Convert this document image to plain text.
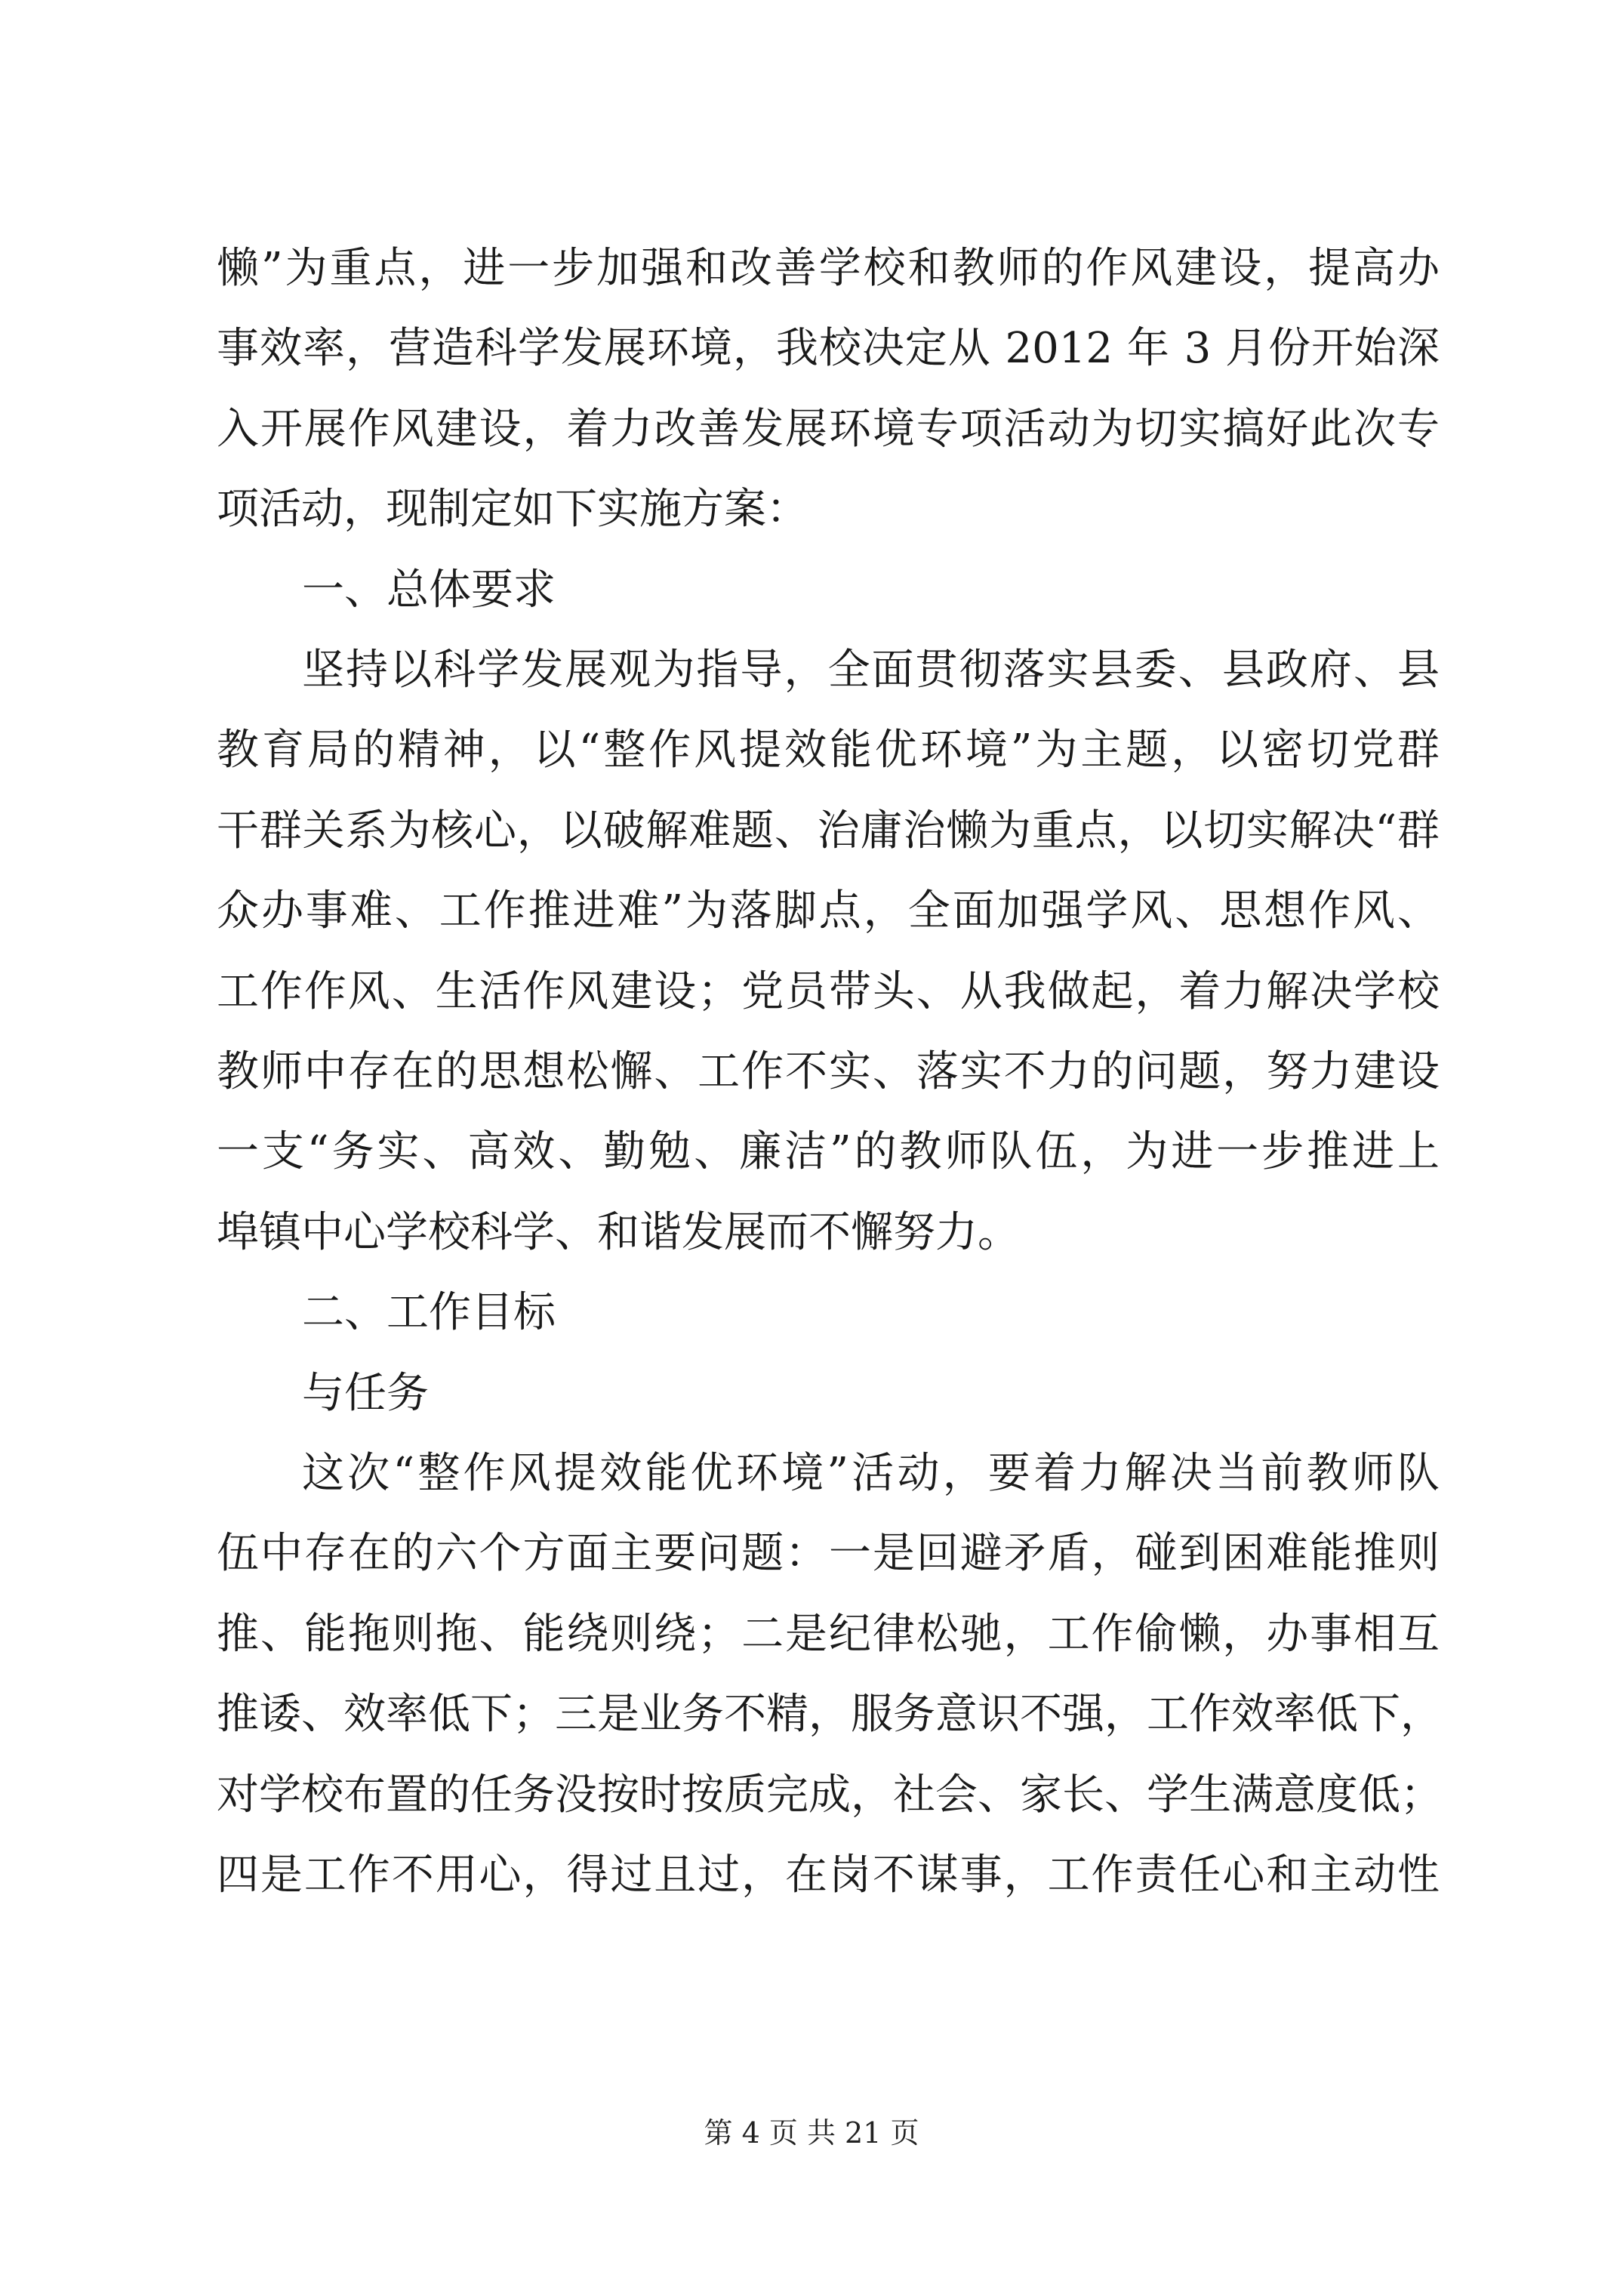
懒”为重点，进一步加强和改善学校和教师的作风建设，提高办
事效率，营造科学发展环境，我校决定从 2012 年 3 月份开始深
入开展作风建设，着力改善发展环境专项活动为切实搞好此次专
项活动，现制定如下实施方案：
一、总体要求
坚持以科学发展观为指导，全面贯彻落实县委、县政府、县
教育局的精神，以“整作风提效能优环境”为主题，以密切党群
干群关系为核心，以破解难题、治庸治懒为重点，以切实解决“群
众办事难、工作推进难”为落脚点，全面加强学风、思想作风、
工作作风、生活作风建设；党员带头、从我做起，着力解决学校
教师中存在的思想松懈、工作不实、落实不力的问题，努力建设
一支“务实、高效、勤勉、廉洁”的教师队伍，为进一步推进上
埠镇中心学校科学、和谐发展而不懈努力。
二、工作目标
与任务
这次“整作风提效能优环境”活动，要着力解决当前教师队
伍中存在的六个方面主要问题：一是回避矛盾，碰到困难能推则
推、能拖则拖、能绕则绕；二是纪律松驰，工作偷懒，办事相互
推诿、效率低下；三是业务不精，服务意识不强，工作效率低下，
对学校布置的任务没按时按质完成，社会、家长、学生满意度低；
四是工作不用心，得过且过，在岗不谋事，工作责任心和主动性
第 4 页 共 21 页
